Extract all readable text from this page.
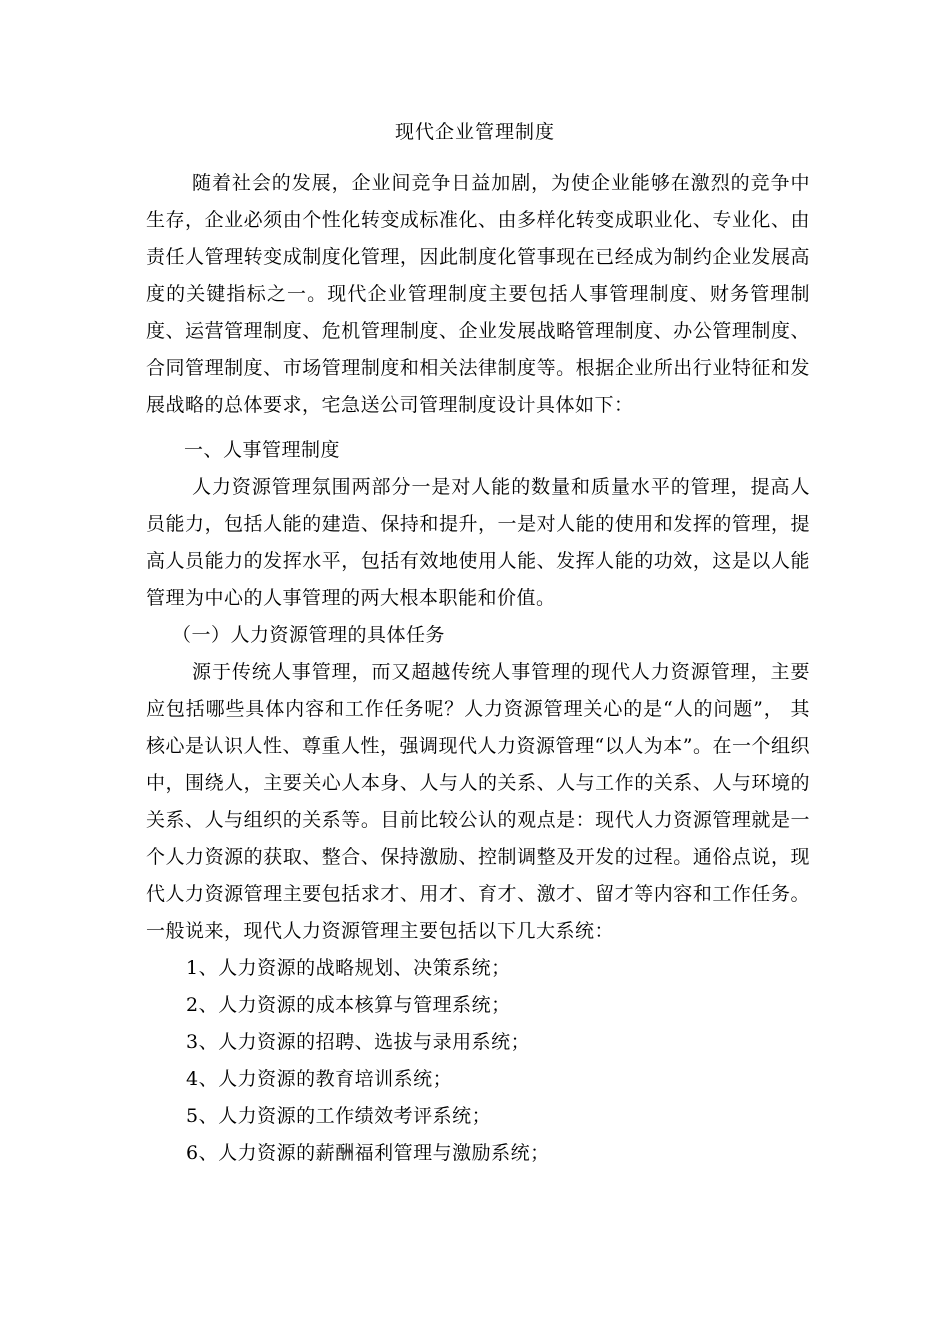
现代企业管理制度

随着社会的发展，企业间竞争日益加剧，为使企业能够在激烈的竞争中生存，企业必须由个性化转变成标准化、由多样化转变成职业化、专业化、由责任人管理转变成制度化管理，因此制度化管事现在已经成为制约企业发展高度的关键指标之一。现代企业管理制度主要包括人事管理制度、财务管理制度、运营管理制度、危机管理制度、企业发展战略管理制度、办公管理制度、合同管理制度、市场管理制度和相关法律制度等。根据企业所出行业特征和发展战略的总体要求，宅急送公司管理制度设计具体如下：

一、人事管理制度

人力资源管理氛围两部分一是对人能的数量和质量水平的管理，提高人员能力，包括人能的建造、保持和提升，一是对人能的使用和发挥的管理，提高人员能力的发挥水平，包括有效地使用人能、发挥人能的功效，这是以人能管理为中心的人事管理的两大根本职能和价值。

（一）人力资源管理的具体任务

源于传统人事管理，而又超越传统人事管理的现代人力资源管理，主要应包括哪些具体内容和工作任务呢？人力资源管理关心的是“人的问题”， 其核心是认识人性、尊重人性，强调现代人力资源管理“以人为本”。在一个组织中，围绕人，主要关心人本身、人与人的关系、人与工作的关系、人与环境的关系、人与组织的关系等。目前比较公认的观点是：现代人力资源管理就是一个人力资源的获取、整合、保持激励、控制调整及开发的过程。通俗点说，现代人力资源管理主要包括求才、用才、育才、激才、留才等内容和工作任务。一般说来，现代人力资源管理主要包括以下几大系统：

1、人力资源的战略规划、决策系统；

2、人力资源的成本核算与管理系统；

3、人力资源的招聘、选拔与录用系统；

4、人力资源的教育培训系统；

5、人力资源的工作绩效考评系统；

6、人力资源的薪酬福利管理与激励系统；
